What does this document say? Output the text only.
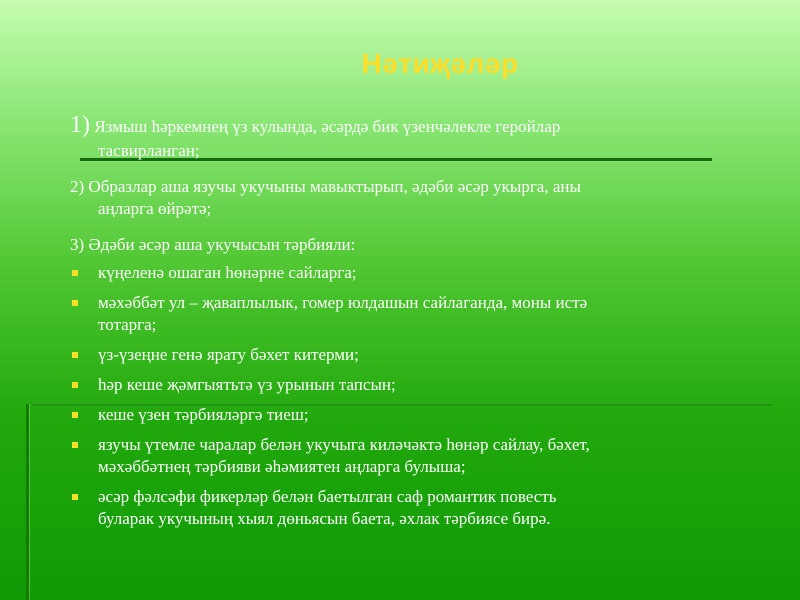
Нәтиҗәләр
1) Язмыш һәркемнең үз кулында, әсәрдә бик үзенчәлекле геройлар
тасвирланган;
2) Образлар аша язучы укучыны мавыктырып, әдәби әсәр укырга, аны
аңларга өйрәтә;
3) Әдәби әсәр аша укучысын тәрбияли:
күңеленә ошаган һөнәрне сайларга;
мәхәббәт ул – җаваплылык, гомер юлдашын сайлаганда, моны истә
тотарга;
үз-үзеңне генә ярату бәхет китерми;
һәр кеше җәмгыятьтә үз урынын тапсын;
кеше үзен тәрбияләргә тиеш;
язучы үтемле чаралар белән укучыга киләчәктә һөнәр сайлау, бәхет,
мәхәббәтнең тәрбияви әһәмиятен аңларга булыша;
әсәр фәлсәфи фикерләр белән баетылган саф романтик повесть
буларак укучының хыял дөньясын баета, әхлак тәрбиясе бирә.
